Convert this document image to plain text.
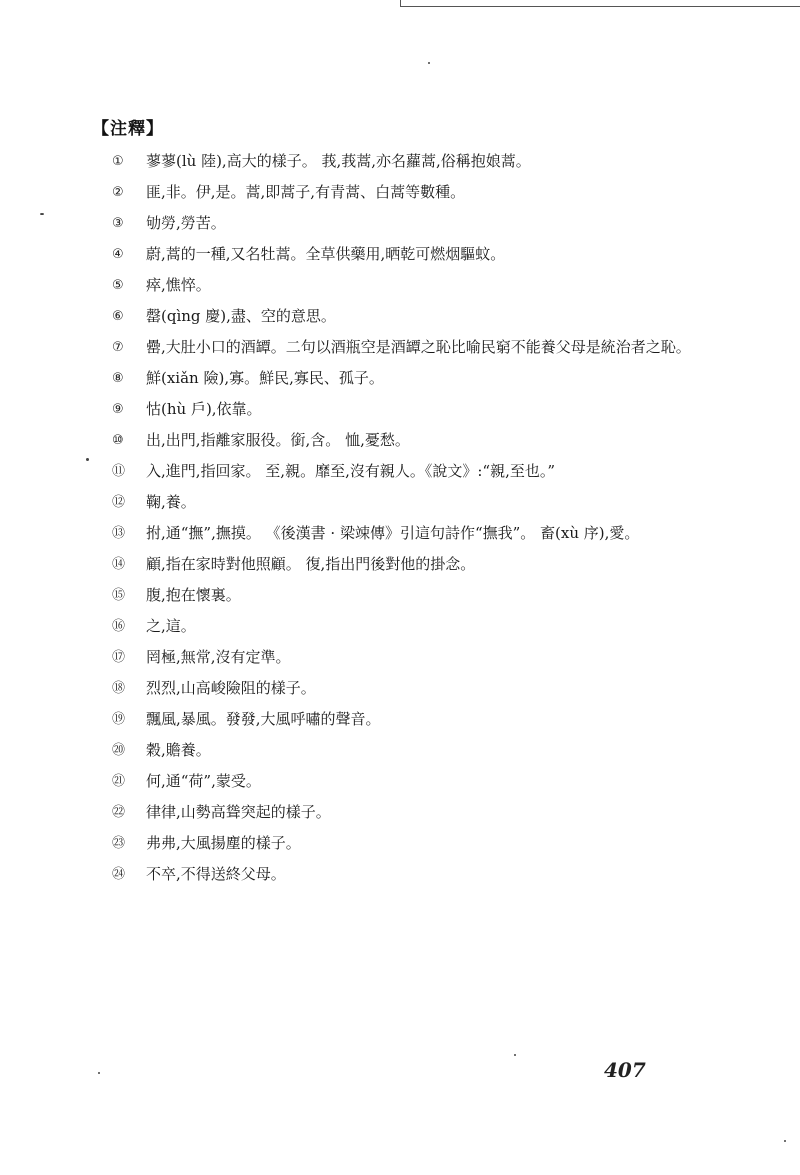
【注釋】
①	蓼蓼(lù 陸),高大的樣子。 莪,莪蒿,亦名蘿蒿,俗稱抱娘蒿。
②	匪,非。伊,是。蒿,即蒿子,有青蒿、白蒿等數種。
③	劬勞,勞苦。
④	蔚,蒿的一種,又名牡蒿。全草供藥用,晒乾可燃烟驅蚊。
⑤	瘁,憔悴。
⑥	罄(qìng 慶),盡、空的意思。
⑦	罍,大肚小口的酒罈。二句以酒瓶空是酒罈之恥比喻民窮不能養父母是統治者之恥。
⑧	鮮(xiǎn 險),寡。鮮民,寡民、孤子。
⑨	怙(hù 戶),依靠。
⑩	出,出門,指離家服役。銜,含。 恤,憂愁。
⑪	入,進門,指回家。 至,親。靡至,沒有親人。《說文》:“親,至也。”
⑫	鞠,養。
⑬	拊,通“撫”,撫摸。 《後漢書 · 梁竦傳》引這句詩作“撫我”。 畜(xù 序),愛。
⑭	顧,指在家時對他照顧。 復,指出門後對他的掛念。
⑮	腹,抱在懷裏。
⑯	之,這。
⑰	罔極,無常,沒有定準。
⑱	烈烈,山高峻險阻的樣子。
⑲	飄風,暴風。發發,大風呼嘯的聲音。
⑳	穀,贍養。
㉑	何,通“荷”,蒙受。
㉒	律律,山勢高聳突起的樣子。
㉓	弗弗,大風揚塵的樣子。
㉔	不卒,不得送終父母。
407
